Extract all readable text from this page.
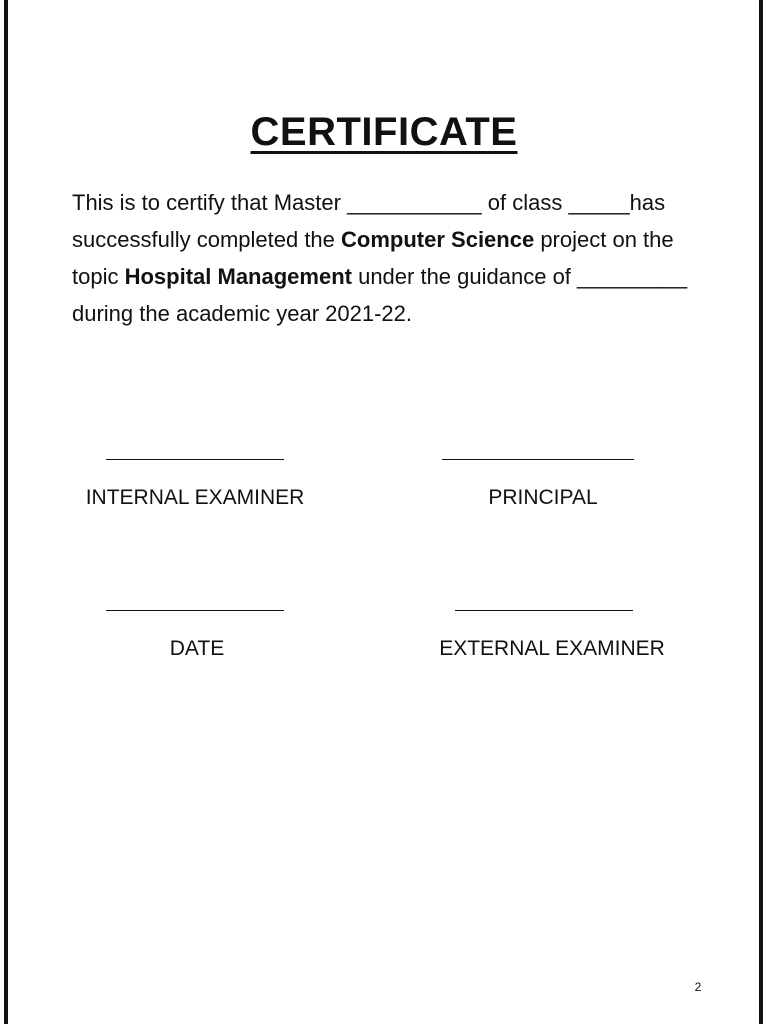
CERTIFICATE

This is to certify that Master ___________ of class _____has successfully completed the Computer Science project on the topic Hospital Management under the guidance of _________ during the academic year 2021-22.

INTERNAL EXAMINER	PRINCIPAL
DATE	EXTERNAL EXAMINER
2
